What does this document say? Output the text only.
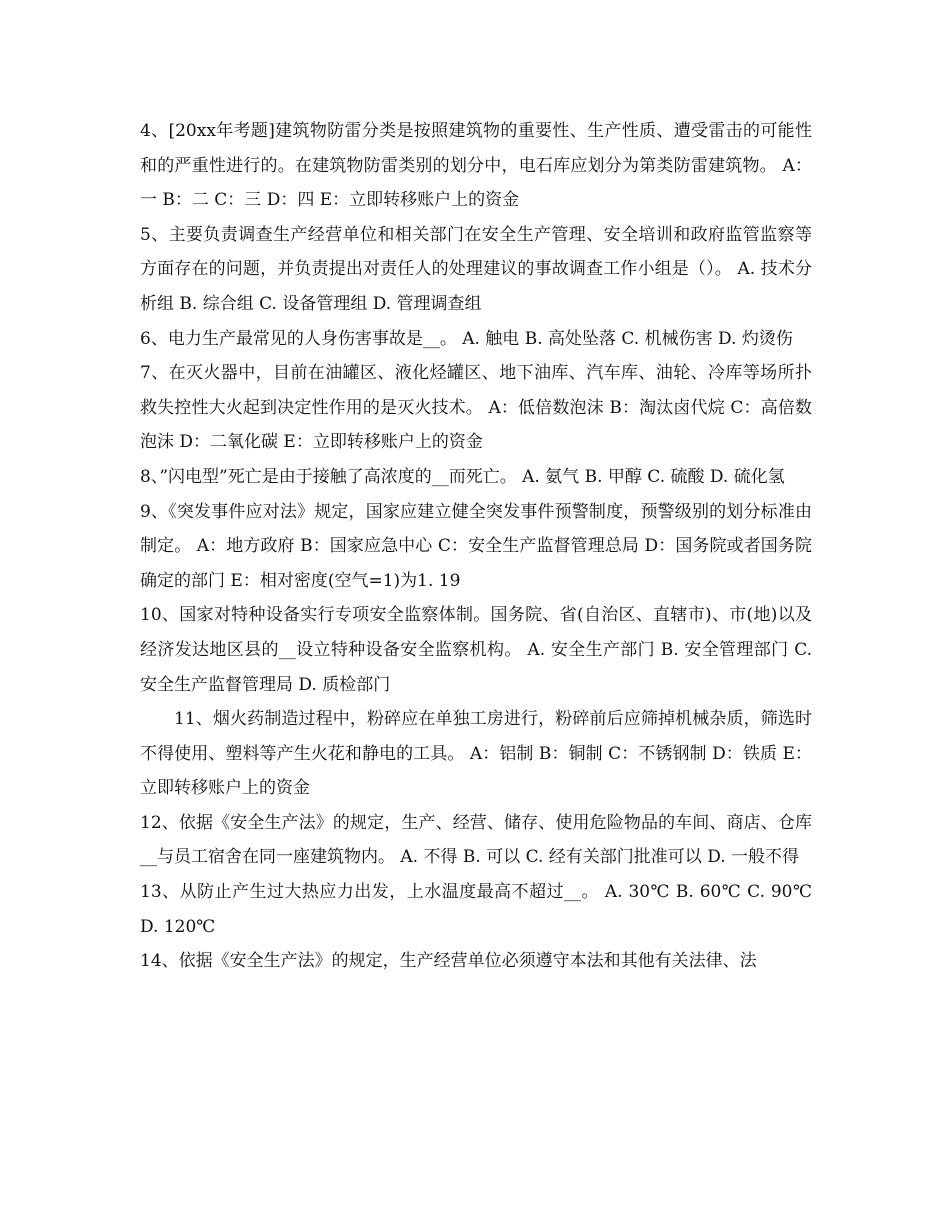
4、[20xx年考题]建筑物防雷分类是按照建筑物的重要性、生产性质、遭受雷击的可能性和的严重性进行的。在建筑物防雷类别的划分中，电石库应划分为第类防雷建筑物。 A：一 B：二 C：三 D：四 E：立即转移账户上的资金

5、主要负责调查生产经营单位和相关部门在安全生产管理、安全培训和政府监管监察等方面存在的问题，并负责提出对责任人的处理建议的事故调查工作小组是（）。 A. 技术分析组 B. 综合组 C. 设备管理组 D. 管理调查组

6、电力生产最常见的人身伤害事故是__。 A. 触电 B. 高处坠落 C. 机械伤害 D. 灼烫伤

7、在灭火器中，目前在油罐区、液化烃罐区、地下油库、汽车库、油轮、冷库等场所扑救失控性大火起到决定性作用的是灭火技术。 A：低倍数泡沫 B：淘汰卤代烷 C：高倍数泡沫 D：二氧化碳 E：立即转移账户上的资金

8、”闪电型”死亡是由于接触了高浓度的__而死亡。 A. 氨气 B. 甲醇 C. 硫酸 D. 硫化氢

9、《突发事件应对法》规定，国家应建立健全突发事件预警制度，预警级别的划分标准由制定。 A：地方政府 B：国家应急中心 C：安全生产监督管理总局 D：国务院或者国务院确定的部门 E：相对密度(空气=1)为1. 19

10、国家对特种设备实行专项安全监察体制。国务院、省(自治区、直辖市)、市(地)以及经济发达地区县的__设立特种设备安全监察机构。 A. 安全生产部门 B. 安全管理部门 C. 安全生产监督管理局 D. 质检部门

11、烟火药制造过程中，粉碎应在单独工房进行，粉碎前后应筛掉机械杂质，筛选时不得使用、塑料等产生火花和静电的工具。 A：铝制 B：铜制 C：不锈钢制 D：铁质 E：立即转移账户上的资金

12、依据《安全生产法》的规定，生产、经营、储存、使用危险物品的车间、商店、仓库__与员工宿舍在同一座建筑物内。 A. 不得 B. 可以 C. 经有关部门批准可以 D. 一般不得

13、从防止产生过大热应力出发，上水温度最高不超过__。 A. 30℃ B. 60℃ C. 90℃ D. 120℃

14、依据《安全生产法》的规定，生产经营单位必须遵守本法和其他有关法律、法
